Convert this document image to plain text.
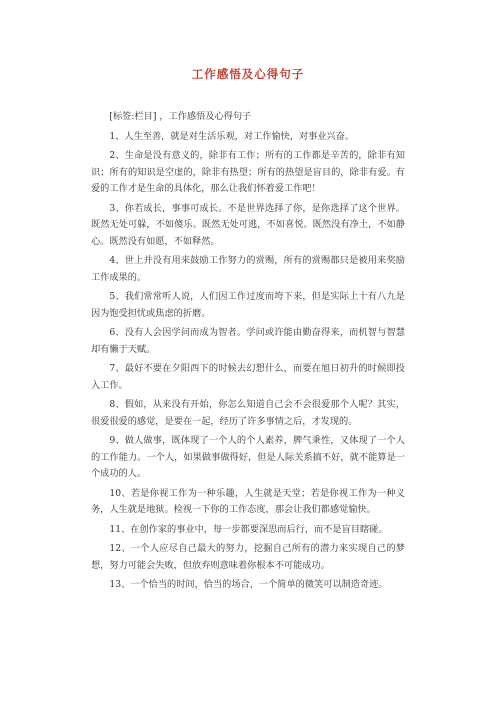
工作感悟及心得句子

[标签:栏目] ，工作感悟及心得句子

1、人生至善，就是对生活乐观，对工作愉快，对事业兴奋。

2、生命是没有意义的，除非有工作；所有的工作都是辛苦的，除非有知识；所有的知识是空虚的，除非有热望；所有的热望是盲目的，除非有爱。有爱的工作才是生命的具体化，那么让我们怀着爱工作吧！

3、你若成长，事事可成长。不是世界选择了你，是你选择了这个世界。既然无处可躲，不如傻乐。既然无处可逃，不如喜悦。既然没有净土，不如静心。既然没有如愿，不如释然。

4、世上并没有用来鼓励工作努力的赏赐，所有的赏赐都只是被用来奖励工作成果的。

5、我们常常听人说，人们因工作过度而垮下来，但是实际上十有八九是因为饱受担忧或焦虑的折磨。

6、没有人会因学问而成为智者。学问或许能由勤奋得来，而机智与智慧却有懒于天赋。

7、最好不要在夕阳西下的时候去幻想什么，而要在旭日初升的时候即投入工作。

8、假如，从来没有开始，你怎么知道自己会不会很爱那个人呢？其实，很爱很爱的感觉，是要在一起，经历了许多事情之后，才发现的。

9、做人做事，既体现了一个人的个人素养，脾气秉性，又体现了一个人的工作能力。一个人，如果做事做得好，但是人际关系搞不好，就不能算是一个成功的人。

10、若是你视工作为一种乐趣，人生就是天堂；若是你视工作为一种义务，人生就是地狱。检视一下你的工作态度，那会让我们都感觉愉快。

11、在创作家的事业中，每一步都要深思而后行，而不是盲目瞎碰。

12、一个人应尽自己最大的努力，挖掘自己所有的潜力来实现自己的梦想，努力可能会失败，但放弃则意味着你根本不可能成功。

13、一个恰当的时间，恰当的场合，一个简单的微笑可以制造奇迹。
